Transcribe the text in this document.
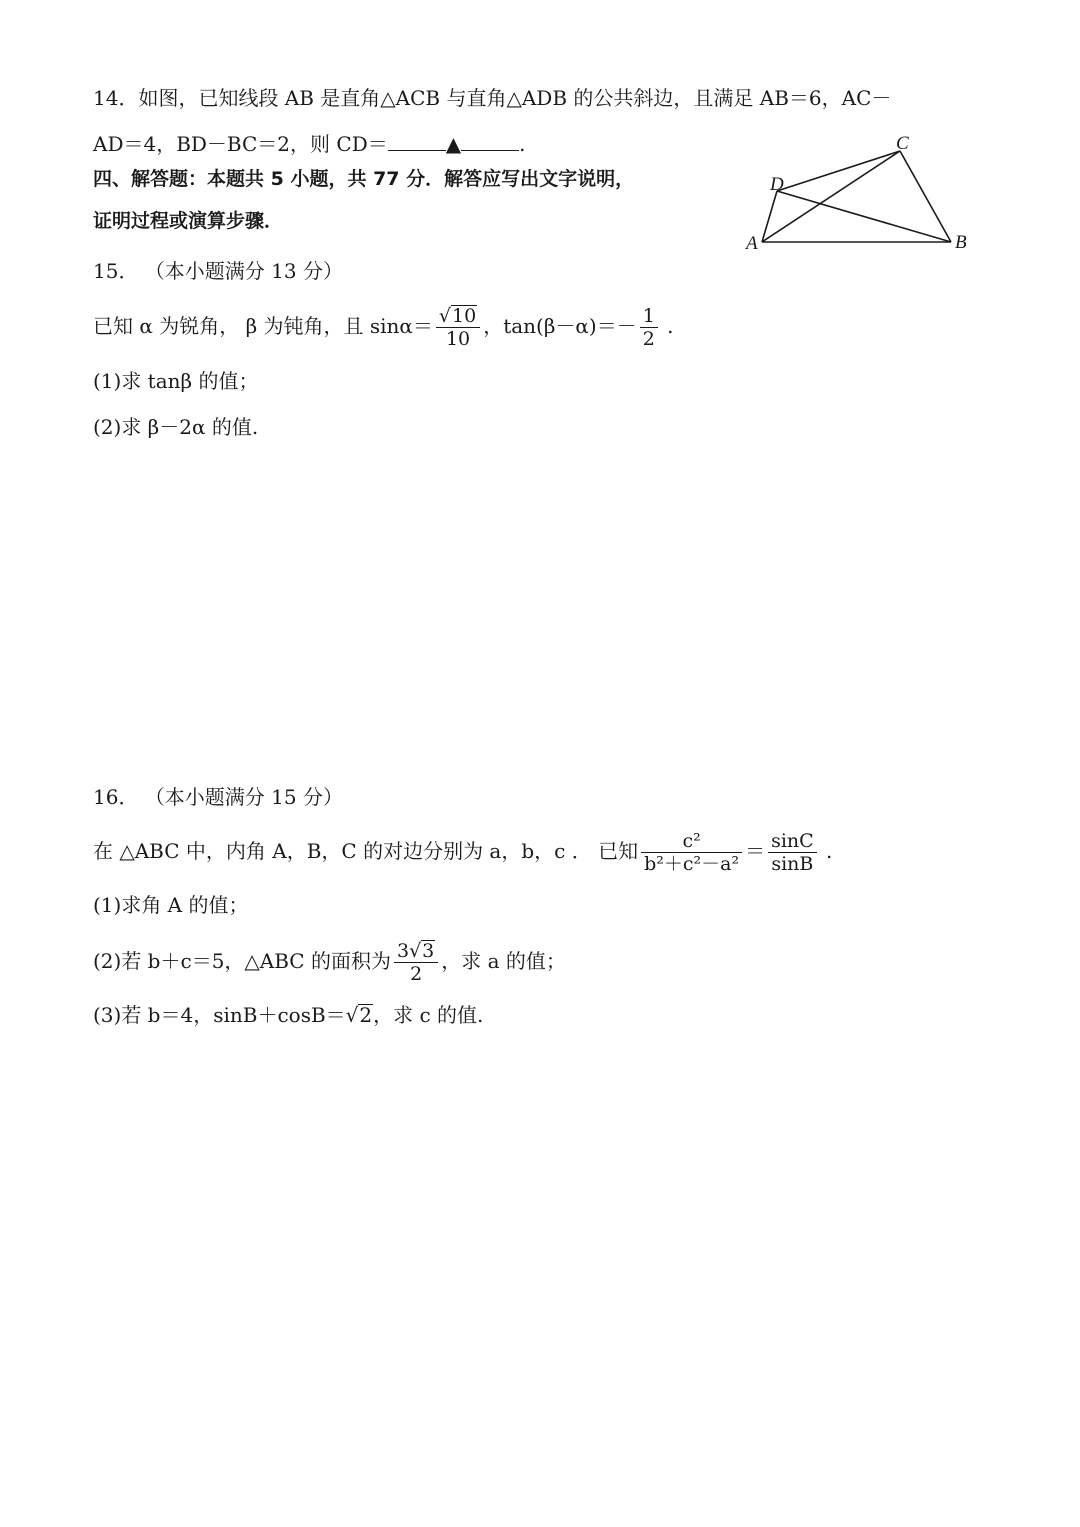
14．如图，已知线段 AB 是直角△ACB 与直角△ADB 的公共斜边，且满足 AB＝6，AC－
AD＝4，BD－BC＝2，则 CD＝	▲	.
四、解答题：本题共 5 小题，共 77 分．解答应写出文字说明，
证明过程或演算步骤．
A	B
C
D
15． （本小题满分 13 分）
已知 α 为锐角， β 为钝角，且 $\sin\alpha= \frac{√10}{10}$ ，$\tan(\beta-\alpha)=- \frac{1}{2}$ .
(1)求 tanβ 的值；
(2)求 β－2α 的值.
16． （本小题满分 15 分）
在 △ABC 中，内角 A，B，C 的对边分别为 a，b，c ． 已知 $\frac{\text{c²}}{\text{b²＋c²－a²}} = \frac{\sin C}{\sin B}$ .
(1)求角 A 的值；
(2)若 b＋c＝5，△ABC 的面积为 $\frac{3√3}{2}$ ，求 a 的值；
(3)若 b＝4，sinB＋cosB＝√2，求 c 的值.
